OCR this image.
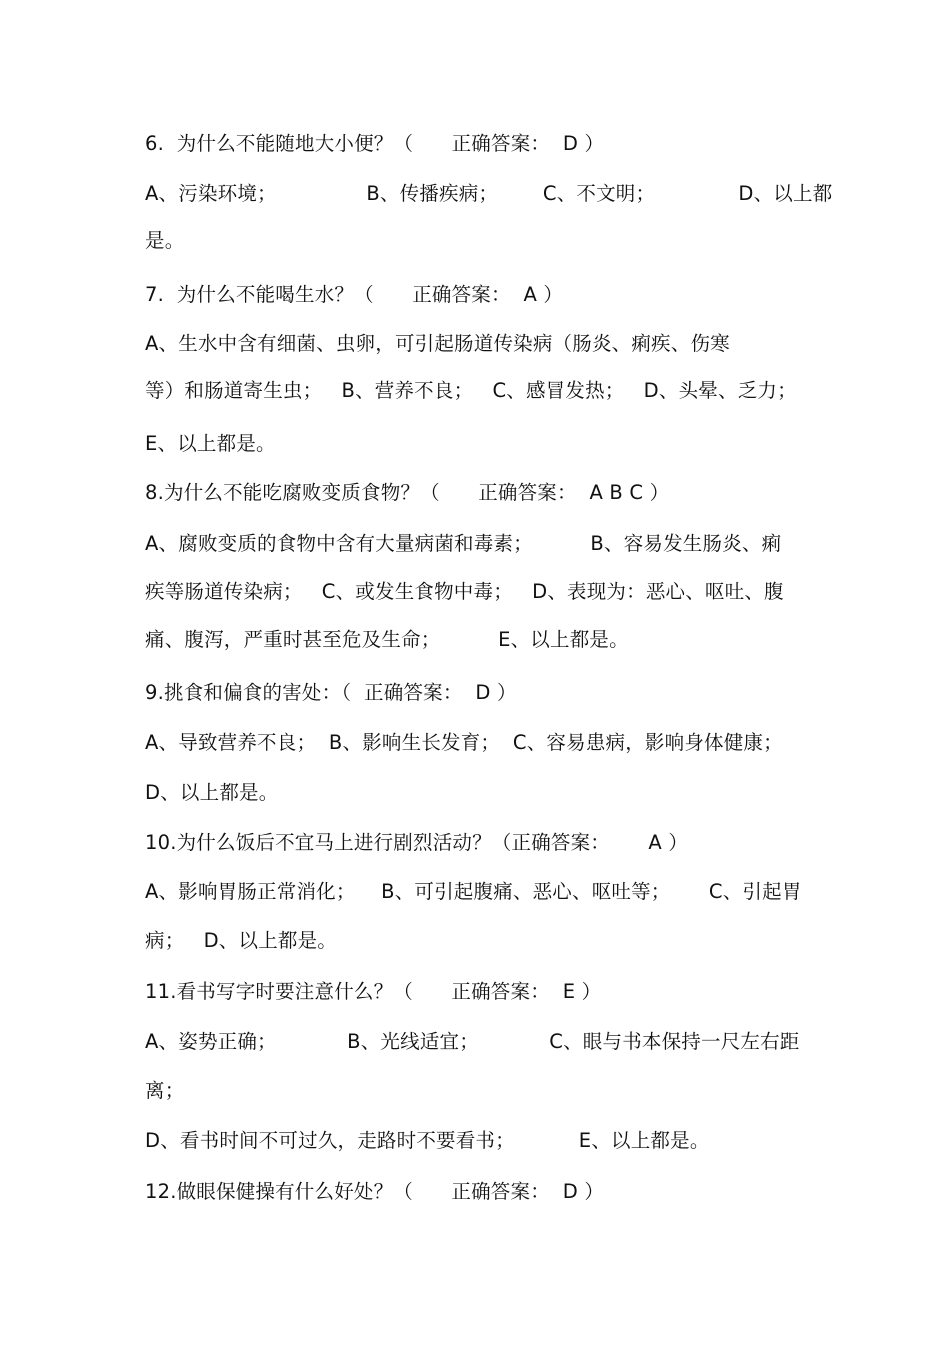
6.  为什么不能随地大小便？（      正确答案：  D ）
A、污染环境；              B、传播疾病；       C、不文明；             D、以上都
是。
7.  为什么不能喝生水？（      正确答案：  A ）
A、生水中含有细菌、虫卵，可引起肠道传染病（肠炎、痢疾、伤寒
等）和肠道寄生虫；   B、营养不良；   C、感冒发热；   D、头晕、乏力；
E、以上都是。
8.为什么不能吃腐败变质食物？（      正确答案：  A B C ）
A、腐败变质的食物中含有大量病菌和毒素；         B、容易发生肠炎、痢
疾等肠道传染病；   C、或发生食物中毒；   D、表现为：恶心、呕吐、腹
痛、腹泻，严重时甚至危及生命；         E、以上都是。
9.挑食和偏食的害处：（  正确答案：  D ）
A、导致营养不良；  B、影响生长发育；  C、容易患病，影响身体健康；
D、以上都是。
10.为什么饭后不宜马上进行剧烈活动？（正确答案：      A ）
A、影响胃肠正常消化；    B、可引起腹痛、恶心、呕吐等；      C、引起胃
病；   D、以上都是。
11.看书写字时要注意什么？（      正确答案：  E ）
A、姿势正确；           B、光线适宜；           C、眼与书本保持一尺左右距
离；
D、看书时间不可过久，走路时不要看书；          E、以上都是。
12.做眼保健操有什么好处？（      正确答案：  D ）
